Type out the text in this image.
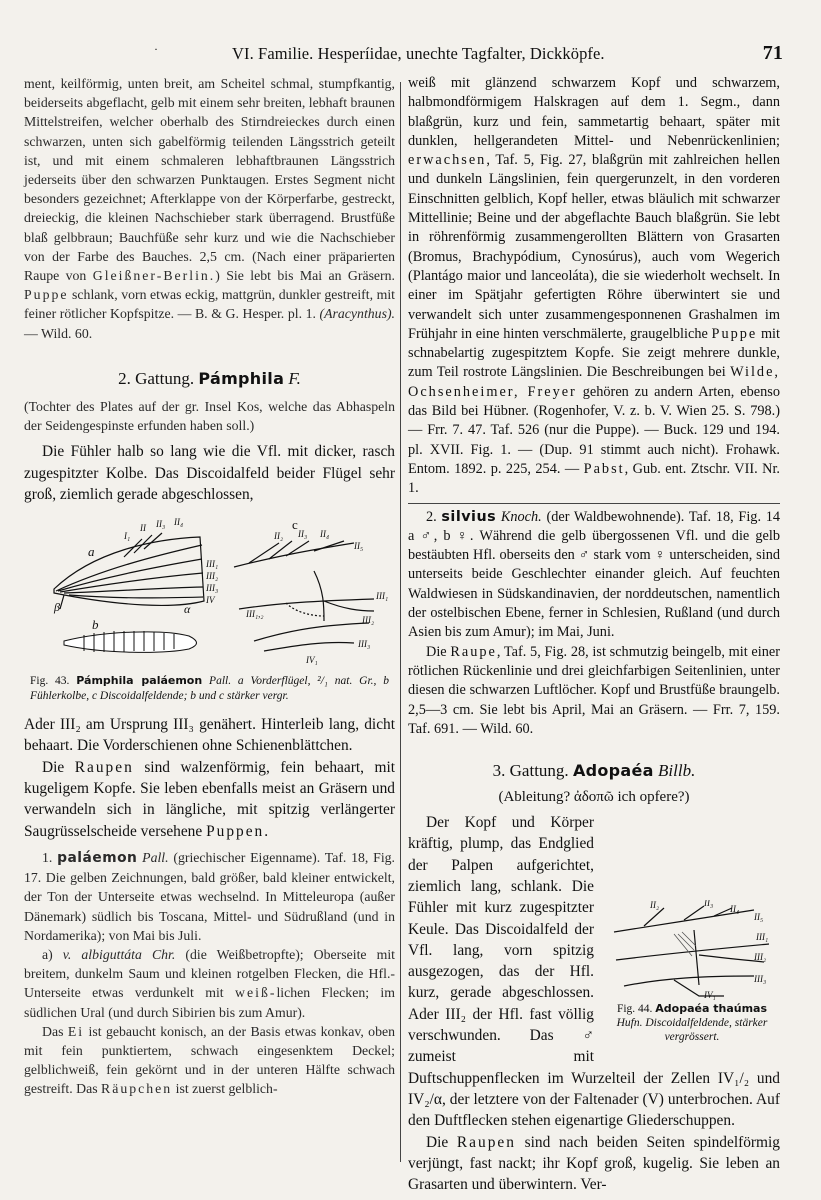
·	VI. Familie. Hesperíidae, unechte Tagfalter, Dickköpfe.	71

ment, keilförmig, unten breit, am Scheitel schmal, stumpfkantig, beiderseits abgeflacht, gelb mit einem sehr breiten, lebhaft braunen Mittelstreifen, welcher oberhalb des Stirndreieckes durch einen schwarzen, unten sich gabelförmig teilenden Längsstrich geteilt ist, und mit einem schmaleren lebhaftbraunen Längsstrich jederseits über den schwarzen Punktaugen. Erstes Segment nicht besonders gezeichnet; Afterklappe von der Körperfarbe, gestreckt, dreieckig, die kleinen Nachschieber stark überragend. Brustfüße blaß gelbbraun; Bauchfüße sehr kurz und wie die Nachschieber von der Farbe des Bauches. 2,5 cm. (Nach einer präparierten Raupe von Gleißner-Berlin.) Sie lebt bis Mai an Gräsern. Puppe schlank, vorn etwas eckig, mattgrün, dunkler gestreift, mit feiner rötlicher Kopfspitze. — B. & G. Hesper. pl. 1. (Aracynthus). — Wild. 60.

2. Gattung. Pámphila F.

(Tochter des Plates auf der gr. Insel Kos, welche das Abhaspeln der Seidengespinste erfunden haben soll.)

Die Fühler halb so lang wie die Vfl. mit dicker, rasch zugespitzter Kolbe. Das Discoidalfeld beider Flügel sehr groß, ziemlich gerade abgeschlossen,

a
b
c
β	α
I₁
II II₃ II₄
III₁
III₂
III₃
IV
II₂ II₃ II₄
II₅
III₁
III₂
III₃
III₁,₂
IV₁
Fig. 43. Pámphila paláemon Pall. a Vorderflügel, ²/₁ nat. Gr., b Fühlerkolbe, c Discoidalfeldende; b und c stärker vergr.

Ader III₂ am Ursprung III₃ genähert. Hinterleib lang, dicht behaart. Die Vorderschienen ohne Schienenblättchen.

Die Raupen sind walzenförmig, fein behaart, mit kugeligem Kopfe. Sie leben ebenfalls meist an Gräsern und verwandeln sich in längliche, mit spitzig verlängerter Saugrüsselscheide versehene Puppen.

1. paláemon Pall. (griechischer Eigenname). Taf. 18, Fig. 17. Die gelben Zeichnungen, bald größer, bald kleiner entwickelt, der Ton der Unterseite etwas wechselnd. In Mitteleuropa (außer Dänemark) südlich bis Toscana, Mittel- und Südrußland (und in Nordamerika); von Mai bis Juli.

a) v. albiguttáta Chr. (die Weißbetropfte); Oberseite mit breitem, dunkelm Saum und kleinen rotgelben Flecken, die Hfl.-Unterseite etwas verdunkelt mit weiß-lichen Flecken; im südlichen Ural (und durch Sibirien bis zum Amur).

Das Ei ist gebaucht konisch, an der Basis etwas konkav, oben mit fein punktiertem, schwach eingesenktem Deckel; gelblichweiß, fein gekörnt und in der unteren Hälfte schwach gestreift. Das Räupchen ist zuerst gelblich-

weiß mit glänzend schwarzem Kopf und schwarzem, halbmondförmigem Halskragen auf dem 1. Segm., dann blaßgrün, kurz und fein, sammetartig behaart, später mit dunklen, hellgerandeten Mittel- und Nebenrückenlinien; erwachsen, Taf. 5, Fig. 27, blaßgrün mit zahlreichen hellen und dunkeln Längslinien, fein quergerunzelt, in den vorderen Einschnitten gelblich, Kopf heller, etwas bläulich mit schwarzer Mittellinie; Beine und der abgeflachte Bauch blaßgrün. Sie lebt in röhrenförmig zusammengerollten Blättern von Grasarten (Bromus, Brachypódium, Cynosúrus), auch vom Wegerich (Plantágo maior und lanceoláta), die sie wiederholt wechselt. In einer im Spätjahr gefertigten Röhre überwintert sie und verwandelt sich unter zusammengesponnenen Grashalmen im Frühjahr in eine hinten verschmälerte, graugelbliche Puppe mit schnabelartig zugespitztem Kopfe. Sie zeigt mehrere dunkle, zum Teil rostrote Längslinien. Die Beschreibungen bei Wilde, Ochsenheimer, Freyer gehören zu andern Arten, ebenso das Bild bei Hübner. (Rogenhofer, V. z. b. V. Wien 25. S. 798.) — Frr. 7. 47. Taf. 526 (nur die Puppe). — Buck. 129 und 194. pl. XVII. Fig. 1. — (Dup. 91 stimmt auch nicht). Frohawk. Entom. 1892. p. 225, 254. — Pabst, Gub. ent. Ztschr. VII. Nr. 1.

2. silvius Knoch. (der Waldbewohnende). Taf. 18, Fig. 14 a ♂, b ♀. Während die gelb übergossenen Vfl. und die gelb bestäubten Hfl. oberseits den ♂ stark vom ♀ unterscheiden, sind unterseits beide Geschlechter einander gleich. Auf feuchten Waldwiesen in Südskandinavien, der norddeutschen, namentlich der ostelbischen Ebene, ferner in Schlesien, Rußland (und durch Asien bis zum Amur); im Mai, Juni.

Die Raupe, Taf. 5, Fig. 28, ist schmutzig beingelb, mit einer rötlichen Rückenlinie und drei gleichfarbigen Seitenlinien, unter diesen die schwarzen Luftlöcher. Kopf und Brustfüße braungelb. 2,5—3 cm. Sie lebt bis April, Mai an Gräsern. — Frr. 7, 159. Taf. 691. — Wild. 60.

3. Gattung. Adopaéa Billb.
(Ableitung? ἀδοπῶ ich opfere?)
II₂	II₃
II₄
II₅
III₁
III₂
III₃
IV₁
Fig. 44. Adopaéa thaúmas
Hufn. Discoidalfeldende, stärker vergrössert.

Der Kopf und Körper kräftig, plump, das Endglied der Palpen aufgerichtet, ziemlich lang, schlank. Die Fühler mit kurz zugespitzter Keule. Das Discoidalfeld der Vfl. lang, vorn spitzig ausgezogen, das der Hfl. kurz, gerade abgeschlossen. Ader III₂ der Hfl. fast völlig verschwunden. Das ♂ zumeist mit Duftschuppenflecken im Wurzelteil der Zellen IV₁/₂ und IV₂/α, der letztere von der Faltenader (V) unterbrochen. Auf den Duftflecken stehen eigenartige Gliederschuppen.

Die Raupen sind nach beiden Seiten spindelförmig verjüngt, fast nackt; ihr Kopf groß, kugelig. Sie leben an Grasarten und überwintern. Ver-
